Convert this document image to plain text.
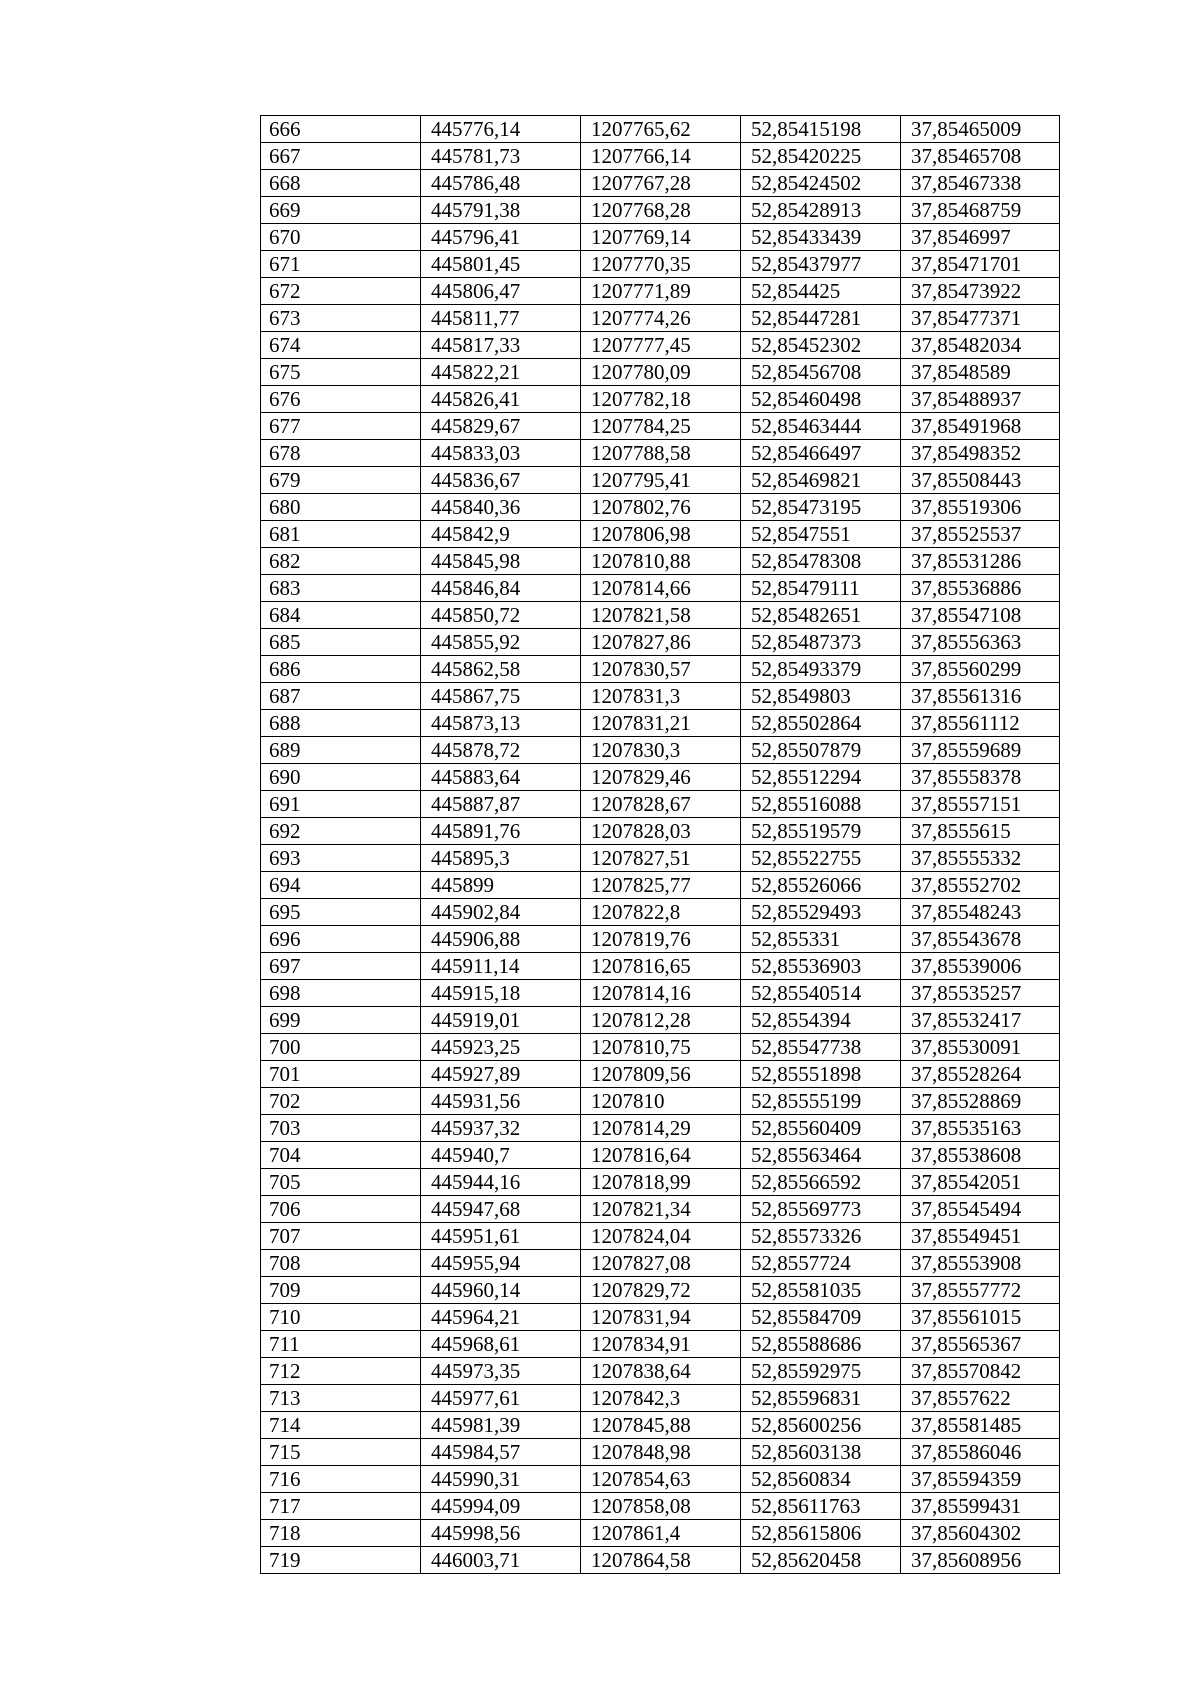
666	445776,14	1207765,62	52,85415198	37,85465009
667	445781,73	1207766,14	52,85420225	37,85465708
668	445786,48	1207767,28	52,85424502	37,85467338
669	445791,38	1207768,28	52,85428913	37,85468759
670	445796,41	1207769,14	52,85433439	37,8546997
671	445801,45	1207770,35	52,85437977	37,85471701
672	445806,47	1207771,89	52,854425	37,85473922
673	445811,77	1207774,26	52,85447281	37,85477371
674	445817,33	1207777,45	52,85452302	37,85482034
675	445822,21	1207780,09	52,85456708	37,8548589
676	445826,41	1207782,18	52,85460498	37,85488937
677	445829,67	1207784,25	52,85463444	37,85491968
678	445833,03	1207788,58	52,85466497	37,85498352
679	445836,67	1207795,41	52,85469821	37,85508443
680	445840,36	1207802,76	52,85473195	37,85519306
681	445842,9	1207806,98	52,8547551	37,85525537
682	445845,98	1207810,88	52,85478308	37,85531286
683	445846,84	1207814,66	52,85479111	37,85536886
684	445850,72	1207821,58	52,85482651	37,85547108
685	445855,92	1207827,86	52,85487373	37,85556363
686	445862,58	1207830,57	52,85493379	37,85560299
687	445867,75	1207831,3	52,8549803	37,85561316
688	445873,13	1207831,21	52,85502864	37,85561112
689	445878,72	1207830,3	52,85507879	37,85559689
690	445883,64	1207829,46	52,85512294	37,85558378
691	445887,87	1207828,67	52,85516088	37,85557151
692	445891,76	1207828,03	52,85519579	37,8555615
693	445895,3	1207827,51	52,85522755	37,85555332
694	445899	1207825,77	52,85526066	37,85552702
695	445902,84	1207822,8	52,85529493	37,85548243
696	445906,88	1207819,76	52,855331	37,85543678
697	445911,14	1207816,65	52,85536903	37,85539006
698	445915,18	1207814,16	52,85540514	37,85535257
699	445919,01	1207812,28	52,8554394	37,85532417
700	445923,25	1207810,75	52,85547738	37,85530091
701	445927,89	1207809,56	52,85551898	37,85528264
702	445931,56	1207810	52,85555199	37,85528869
703	445937,32	1207814,29	52,85560409	37,85535163
704	445940,7	1207816,64	52,85563464	37,85538608
705	445944,16	1207818,99	52,85566592	37,85542051
706	445947,68	1207821,34	52,85569773	37,85545494
707	445951,61	1207824,04	52,85573326	37,85549451
708	445955,94	1207827,08	52,8557724	37,85553908
709	445960,14	1207829,72	52,85581035	37,85557772
710	445964,21	1207831,94	52,85584709	37,85561015
711	445968,61	1207834,91	52,85588686	37,85565367
712	445973,35	1207838,64	52,85592975	37,85570842
713	445977,61	1207842,3	52,85596831	37,8557622
714	445981,39	1207845,88	52,85600256	37,85581485
715	445984,57	1207848,98	52,85603138	37,85586046
716	445990,31	1207854,63	52,8560834	37,85594359
717	445994,09	1207858,08	52,85611763	37,85599431
718	445998,56	1207861,4	52,85615806	37,85604302
719	446003,71	1207864,58	52,85620458	37,85608956
